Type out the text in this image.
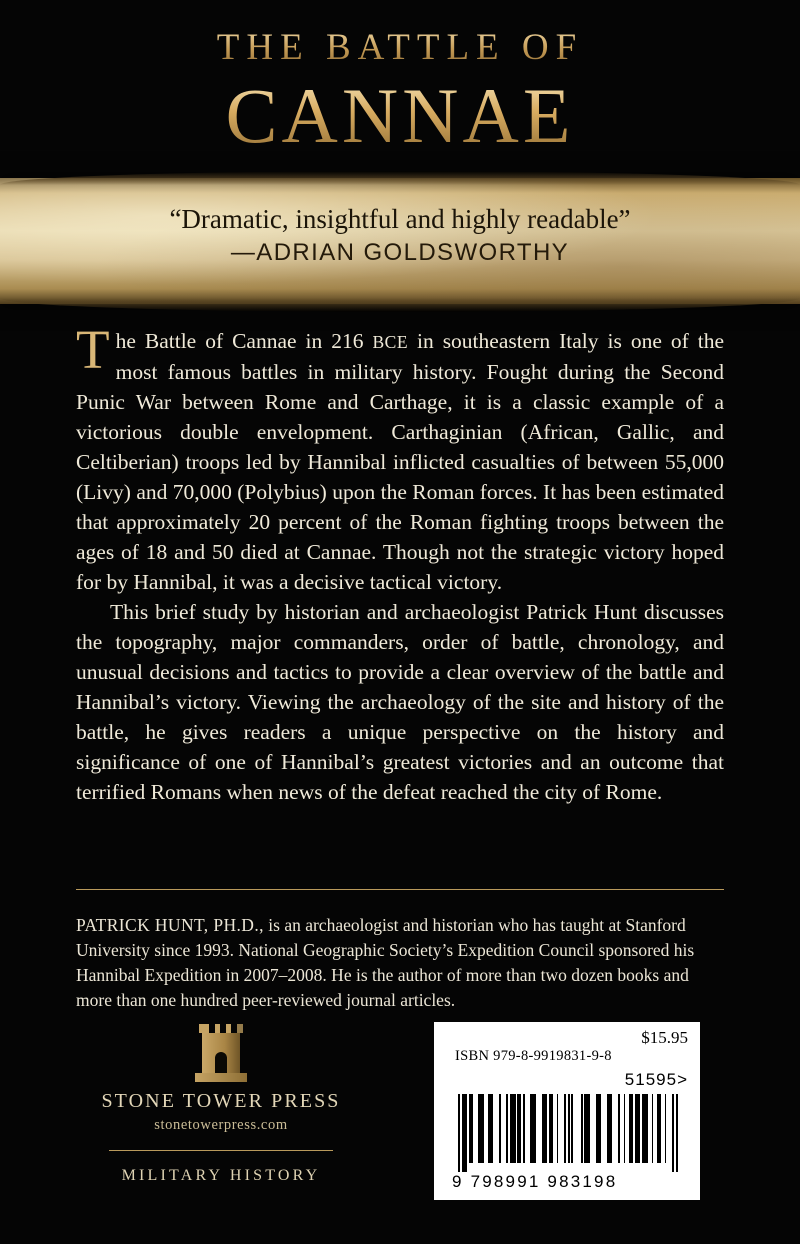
THE BATTLE OF
CANNAE
“Dramatic, insightful and highly readable”
—ADRIAN GOLDSWORTHY

The Battle of Cannae in 216 BCE in southeastern Italy is one of the most famous battles in military history. Fought during the Second Punic War between Rome and Carthage, it is a classic example of a victorious double envelopment. Carthaginian (African, Gallic, and Celtiberian) troops led by Hannibal inflicted casualties of between 55,000 (Livy) and 70,000 (Polybius) upon the Roman forces. It has been estimated that approximately 20 percent of the Roman fighting troops between the ages of 18 and 50 died at Cannae. Though not the strategic victory hoped for by Hannibal, it was a decisive tactical victory.

This brief study by historian and archaeologist Patrick Hunt discusses the topography, major commanders, order of battle, chronology, and unusual decisions and tactics to provide a clear overview of the battle and Hannibal’s victory. Viewing the archaeology of the site and history of the battle, he gives readers a unique perspective on the history and significance of one of Hannibal’s greatest victories and an outcome that terrified Romans when news of the defeat reached the city of Rome.

PATRICK HUNT, PH.D., is an archaeologist and historian who has taught at Stanford University since 1993. National Geographic Society’s Expedition Council sponsored his Hannibal Expedition in 2007–2008. He is the author of more than two dozen books and more than one hundred peer-reviewed journal articles.
STONE TOWER PRESS
stonetowerpress.com
MILITARY HISTORY
$15.95
ISBN 979-8-9919831-9-8
51595>
9 798991 983198
